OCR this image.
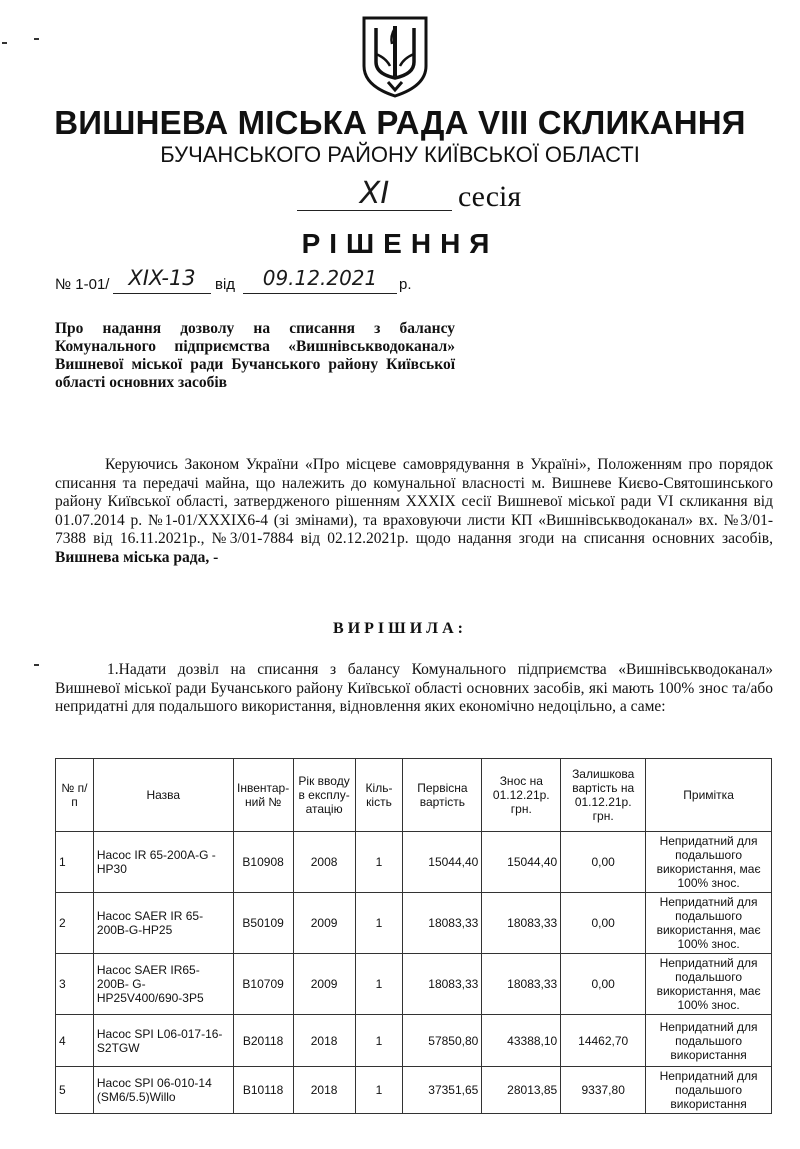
ВИШНЕВА МІСЬКА РАДА VIII СКЛИКАННЯ
БУЧАНСЬКОГО РАЙОНУ КИЇВСЬКОЇ ОБЛАСТІ
XI	сесія
РІШЕННЯ
№ 1-01/ XIX-13	від	09.12.2021	р.
Про надання дозволу на списання з балансу Комунального підприємства «Вишнівськводоканал» Вишневої міської ради Бучанського району Київської області основних засобів
Керуючись Законом України «Про місцеве самоврядування в Україні», Положенням про порядок списання та передачі майна, що належить до комунальної власності м. Вишневе Києво-Святошинського району Київської області, затвердженого рішенням XXXIX сесії Вишневої міської ради VI скликання від 01.07.2014 р. №1-01/XXXIX6-4 (зі змінами), та враховуючи листи КП «Вишнівськводоканал» вх. №3/01-7388 від 16.11.2021р., №3/01-7884 від 02.12.2021р. щодо надання згоди на списання основних засобів, Вишнева міська рада, -
ВИРІШИЛА:
1.Надати дозвіл на списання з балансу Комунального підприємства «Вишнівськводоканал» Вишневої міської ради Бучанського району Київської області основних засобів, які мають 100% знос та/або непридатні для подальшого використання, відновлення яких економічно недоцільно, а саме:
№ п/п	Назва	Інвентар-ний №	Рік вводу в експлу-атацію	Кіль-кість	Первісна вартість	Знос на 01.12.21р. грн.	Залишкова вартість на 01.12.21р. грн.	Примітка
1	Насос IR 65-200A-G - HP30	B10908	2008	1	15044,40	15044,40	0,00	Непридатний для подальшого використання, має 100% знос.
2	Насос SAER IR 65-200B-G-HP25	B50109	2009	1	18083,33	18083,33	0,00	Непридатний для подальшого використання, має 100% знос.
3	Насос SAER IR65-200B- G-HP25V400/690-3P5	B10709	2009	1	18083,33	18083,33	0,00	Непридатний для подальшого використання, має 100% знос.
4	Насос SPI L06-017-16-S2TGW	B20118	2018	1	57850,80	43388,10	14462,70	Непридатний для подальшого використання
5	Насос SPI 06-010-14 (SM6/5.5)Willo	B10118	2018	1	37351,65	28013,85	9337,80	Непридатний для подальшого використання
